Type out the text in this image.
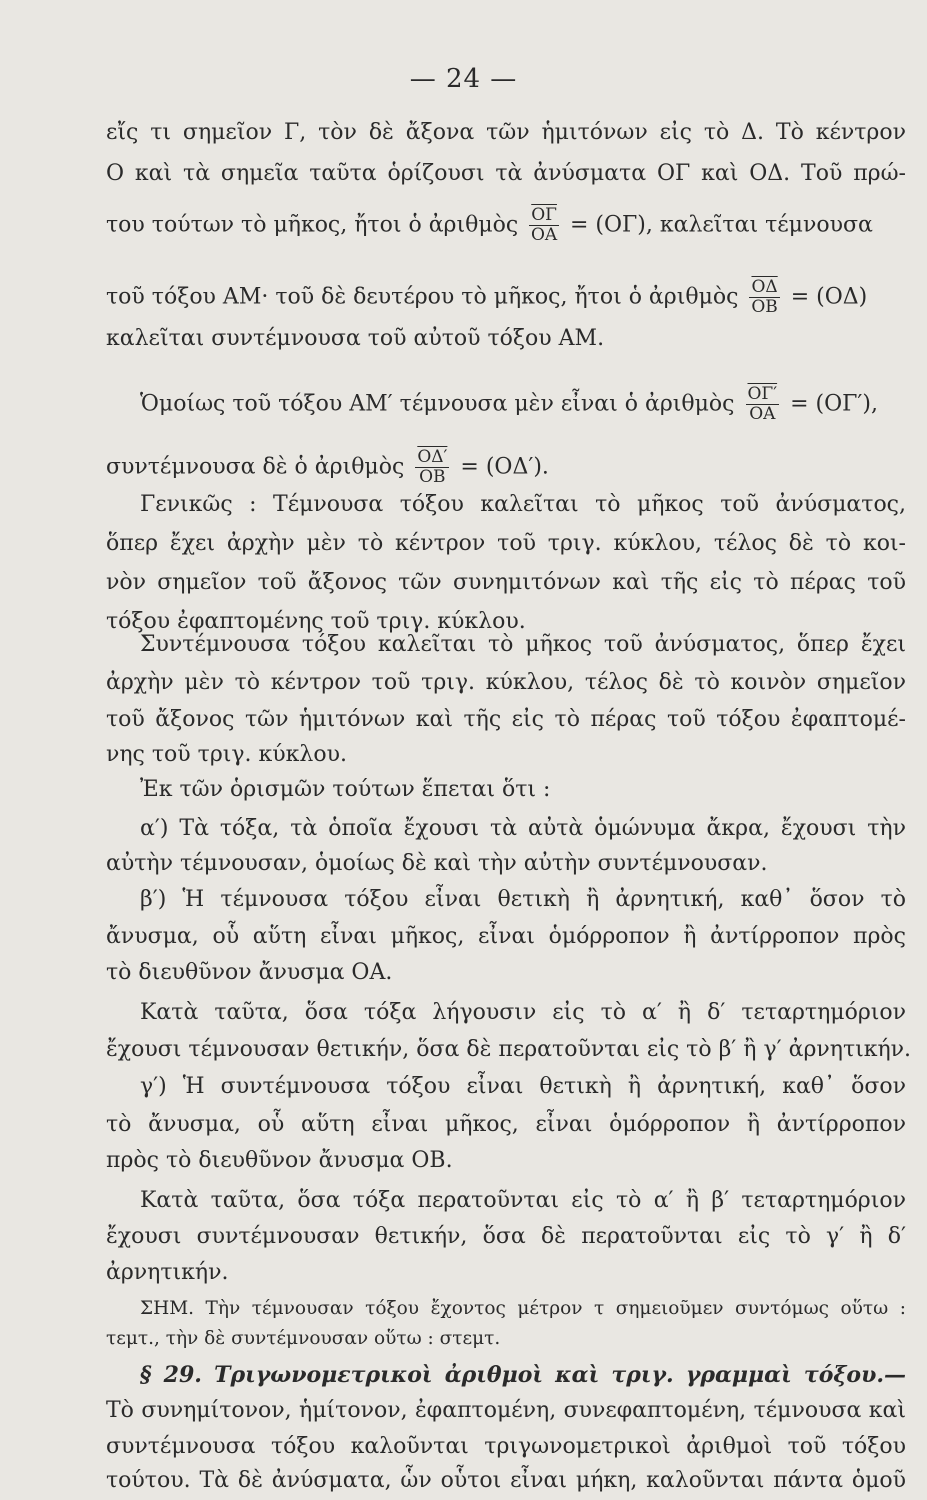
— 24 —
εἴς τι σημεῖον Γ, τὸν δὲ ἄξονα τῶν ἡμιτόνων εἰς τὸ Δ. Τὸ κέντρον
Ο καὶ τὰ σημεῖα ταῦτα ὁρίζουσι τὰ ἀνύσματα ΟΓ καὶ ΟΔ. Τοῦ πρώ-
του τούτων τὸ μῆκος, ἤτοι ὁ ἀριθμὸς $\frac{\overline{O\Gamma}}{OA} = (O\Gamma)$, καλεῖται τέμνουσα
τοῦ τόξου ΑΜ· τοῦ δὲ δευτέρου τὸ μῆκος, ἤτοι ὁ ἀριθμὸς $\frac{\overline{O\Delta}}{OB} = (O\Delta)$
καλεῖται συντέμνουσα τοῦ αὐτοῦ τόξου ΑΜ.
Ὁμοίως τοῦ τόξου ΑΜ′ τέμνουσα μὲν εἶναι ὁ ἀριθμὸς $\frac{O\Gamma'}{OA} = (O\Gamma')$,
συντέμνουσα δὲ ὁ ἀριθμὸς $\frac{O\Delta'}{OB} = (O\Delta')$.
Γενικῶς : Τέμνουσα τόξου καλεῖται τὸ μῆκος τοῦ ἀνύσματος,
ὅπερ ἔχει ἀρχὴν μὲν τὸ κέντρον τοῦ τριγ. κύκλου, τέλος δὲ τὸ κοι-
νὸν σημεῖον τοῦ ἄξονος τῶν συνημιτόνων καὶ τῆς εἰς τὸ πέρας τοῦ
τόξου ἐφαπτομένης τοῦ τριγ. κύκλου.
Συντέμνουσα τόξου καλεῖται τὸ μῆκος τοῦ ἀνύσματος, ὅπερ ἔχει
ἀρχὴν μὲν τὸ κέντρον τοῦ τριγ. κύκλου, τέλος δὲ τὸ κοινὸν σημεῖον
τοῦ ἄξονος τῶν ἡμιτόνων καὶ τῆς εἰς τὸ πέρας τοῦ τόξου ἐφαπτομέ-
νης τοῦ τριγ. κύκλου.
Ἐκ τῶν ὁρισμῶν τούτων ἕπεται ὅτι :
α′) Τὰ τόξα, τὰ ὁποῖα ἔχουσι τὰ αὐτὰ ὁμώνυμα ἄκρα, ἔχουσι τὴν
αὐτὴν τέμνουσαν, ὁμοίως δὲ καὶ τὴν αὐτὴν συντέμνουσαν.
β′) Ἡ τέμνουσα τόξου εἶναι θετικὴ ἢ ἀρνητική, καθ᾽ ὅσον τὸ
ἄνυσμα, οὗ αὕτη εἶναι μῆκος, εἶναι ὁμόρροπον ἢ ἀντίρροπον πρὸς
τὸ διευθῦνον ἄνυσμα ΟΑ.
Κατὰ ταῦτα, ὅσα τόξα λήγουσιν εἰς τὸ α′ ἢ δ′ τεταρτημόριον
ἔχουσι τέμνουσαν θετικήν, ὅσα δὲ περατοῦνται εἰς τὸ β′ ἢ γ′ ἀρνητικήν.
γ′) Ἡ συντέμνουσα τόξου εἶναι θετικὴ ἢ ἀρνητική, καθ᾽ ὅσον
τὸ ἄνυσμα, οὗ αὕτη εἶναι μῆκος, εἶναι ὁμόρροπον ἢ ἀντίρροπον
πρὸς τὸ διευθῦνον ἄνυσμα ΟΒ.
Κατὰ ταῦτα, ὅσα τόξα περατοῦνται εἰς τὸ α′ ἢ β′ τεταρτημόριον
ἔχουσι συντέμνουσαν θετικήν, ὅσα δὲ περατοῦνται εἰς τὸ γ′ ἢ δ′
ἀρνητικήν.
ΣΗΜ. Τὴν τέμνουσαν τόξου ἔχοντος μέτρον τ σημειοῦμεν συντόμως οὕτω :
τεμτ., τὴν δὲ συντέμνουσαν οὕτω : στεμτ.
§ 29. Τριγωνομετρικοὶ ἀριθμοὶ καὶ τριγ. γραμμαὶ τόξου.—
Τὸ συνημίτονον, ἡμίτονον, ἐφαπτομένη, συνεφαπτομένη, τέμνουσα καὶ
συντέμνουσα τόξου καλοῦνται τριγωνομετρικοὶ ἀριθμοὶ τοῦ τόξου
τούτου. Τὰ δὲ ἀνύσματα, ὧν οὗτοι εἶναι μήκη, καλοῦνται πάντα ὁμοῦ
